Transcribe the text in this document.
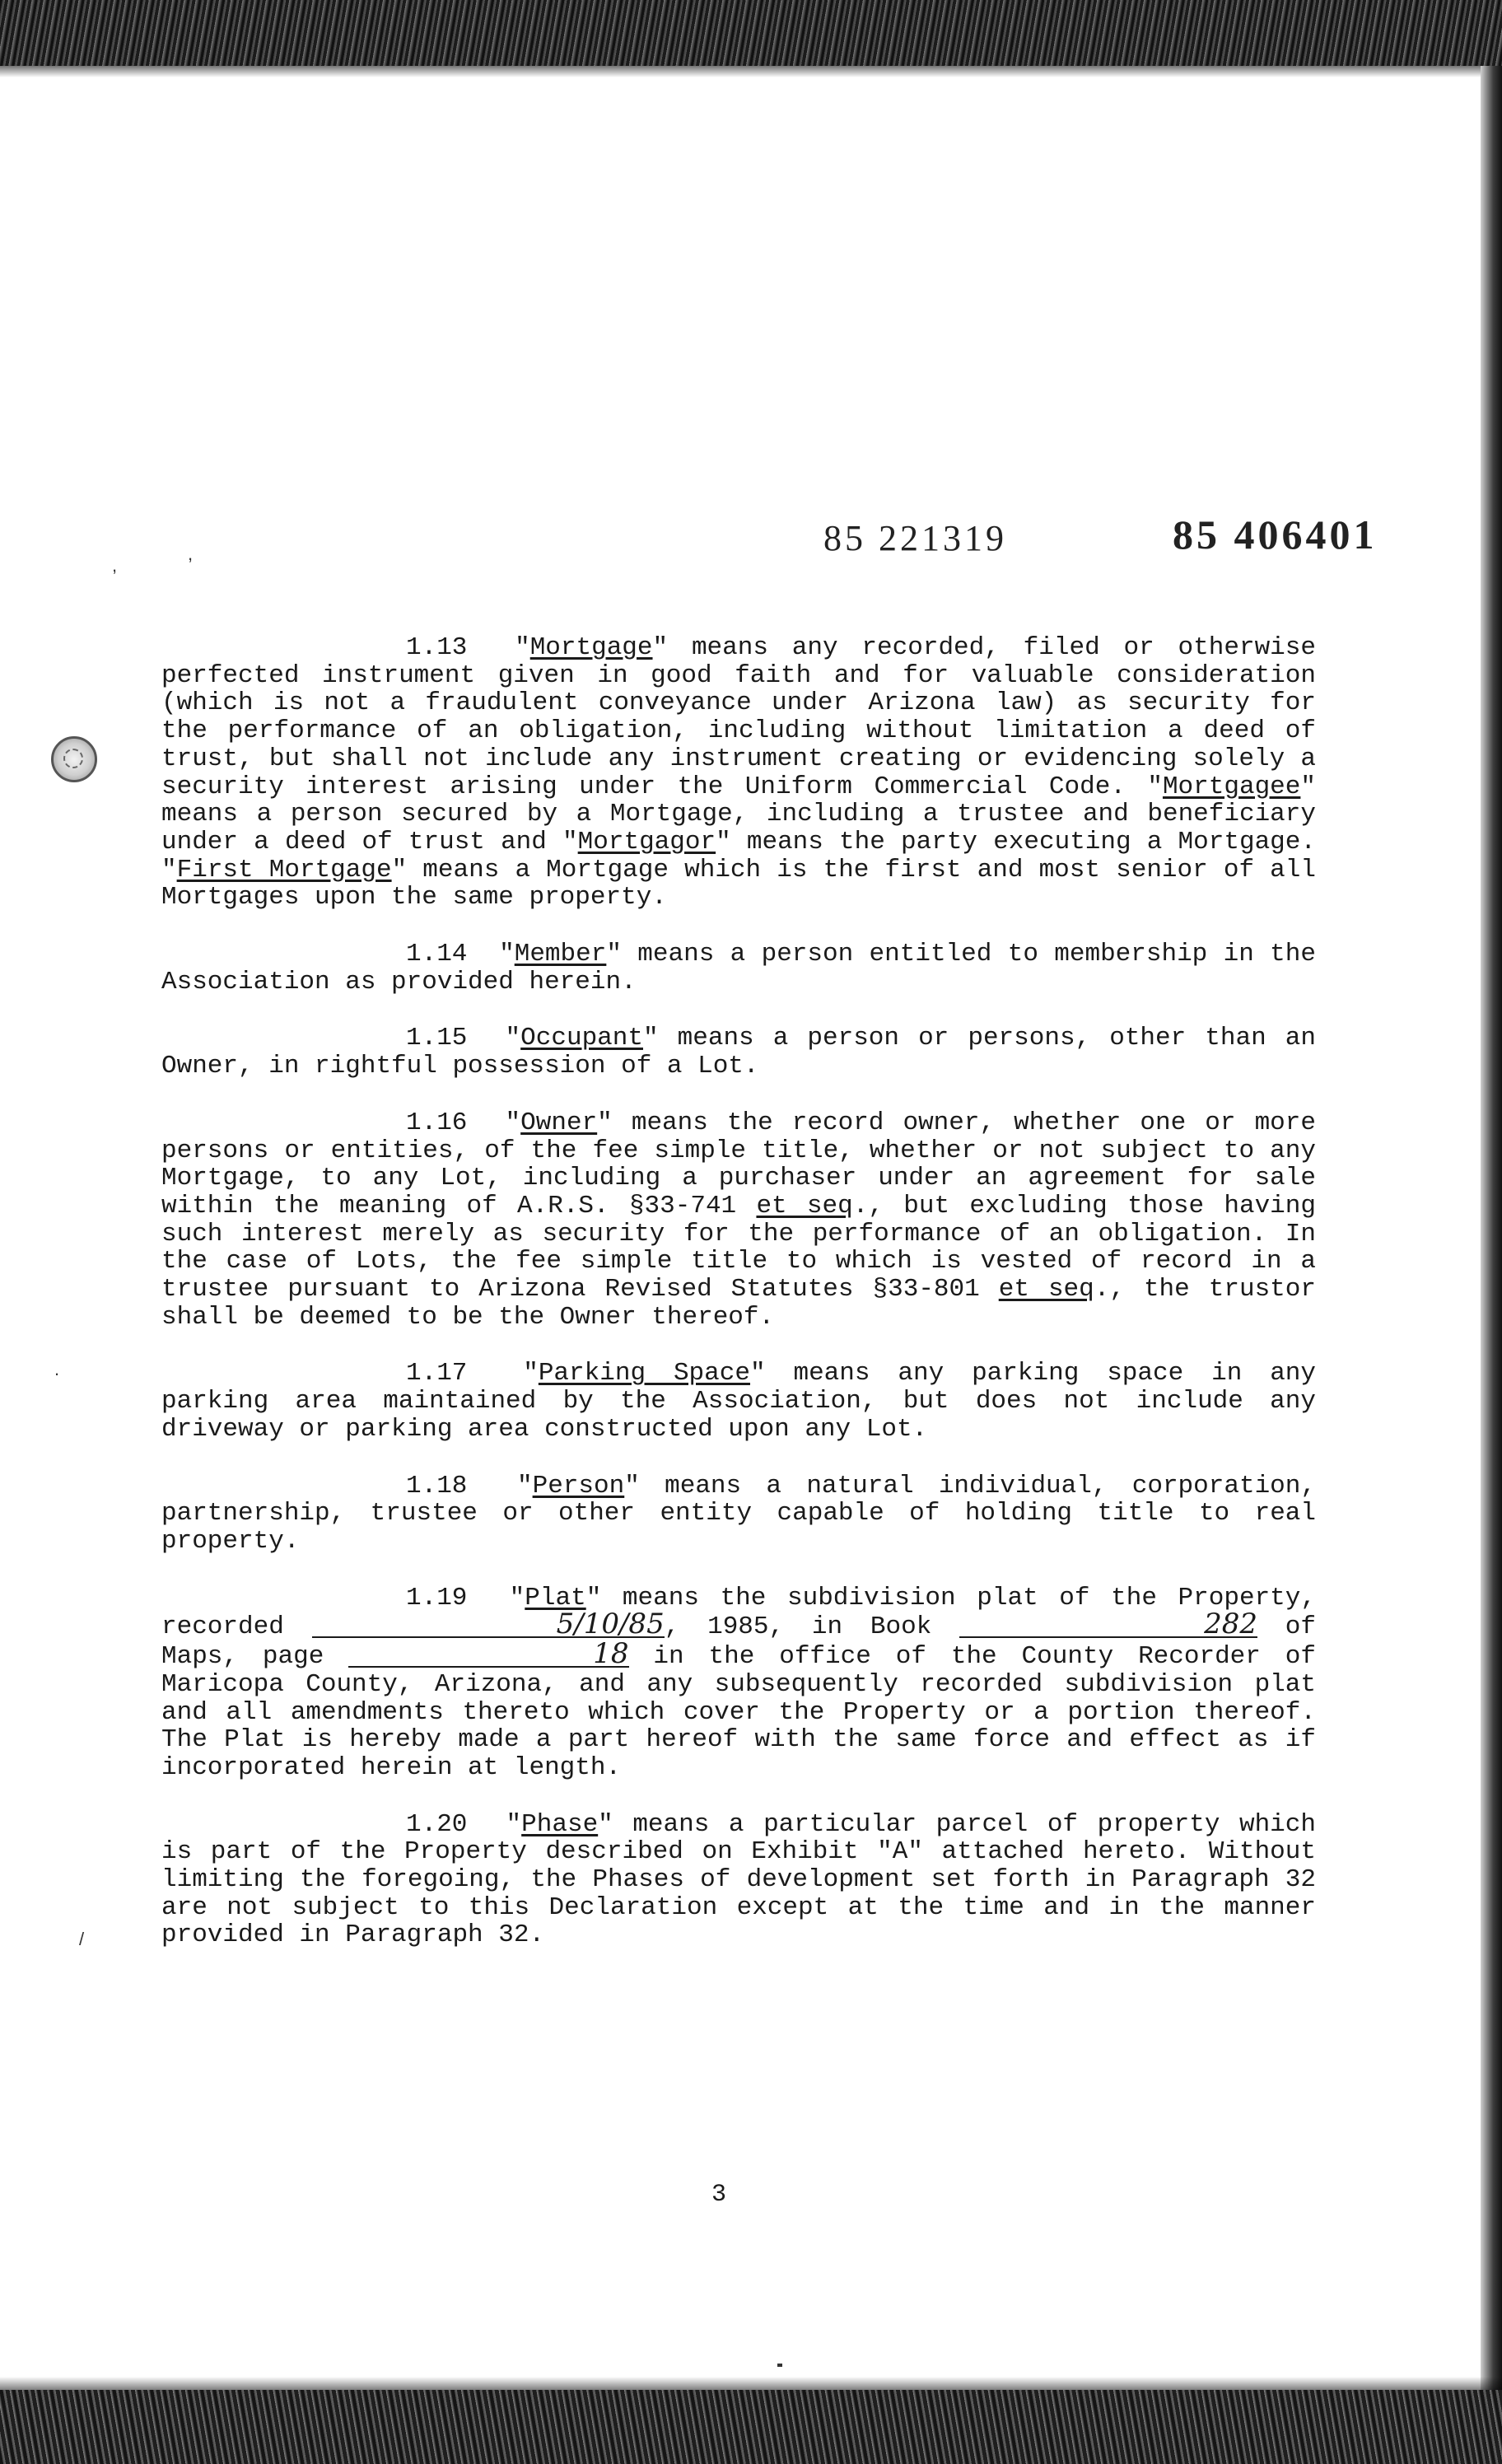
85 221319	85 406401
,
,
.
/

1.13 "Mortgage" means any recorded, filed or otherwise perfected instrument given in good faith and for valuable consideration (which is not a fraudulent conveyance under Arizona law) as security for the performance of an obligation, including without limitation a deed of trust, but shall not include any instrument creating or evidencing solely a security interest arising under the Uniform Commercial Code. "Mortgagee" means a person secured by a Mortgage, including a trustee and beneficiary under a deed of trust and "Mortgagor" means the party executing a Mortgage. "First Mortgage" means a Mortgage which is the first and most senior of all Mortgages upon the same property.

1.14 "Member" means a person entitled to membership in the Association as provided herein.

1.15 "Occupant" means a person or persons, other than an Owner, in rightful possession of a Lot.

1.16 "Owner" means the record owner, whether one or more persons or entities, of the fee simple title, whether or not subject to any Mortgage, to any Lot, including a purchaser under an agreement for sale within the meaning of A.R.S. §33-741 et seq., but excluding those having such interest merely as security for the performance of an obligation. In the case of Lots, the fee simple title to which is vested of record in a trustee pursuant to Arizona Revised Statutes §33-801 et seq., the trustor shall be deemed to be the Owner thereof.

1.17 "Parking Space" means any parking space in any parking area maintained by the Association, but does not include any driveway or parking area constructed upon any Lot.

1.18 "Person" means a natural individual, corporation, partnership, trustee or other entity capable of holding title to real property.

1.19 "Plat" means the subdivision plat of the Property, recorded	5/10/85, 1985, in Book	282 of Maps, page	18 in the office of the County Recorder of Maricopa County, Arizona, and any subsequently recorded subdivision plat and all amendments thereto which cover the Property or a portion thereof. The Plat is hereby made a part hereof with the same force and effect as if incorporated herein at length.

1.20 "Phase" means a particular parcel of property which is part of the Property described on Exhibit "A" attached hereto. Without limiting the foregoing, the Phases of development set forth in Paragraph 32 are not subject to this Declaration except at the time and in the manner provided in Paragraph 32.

3
